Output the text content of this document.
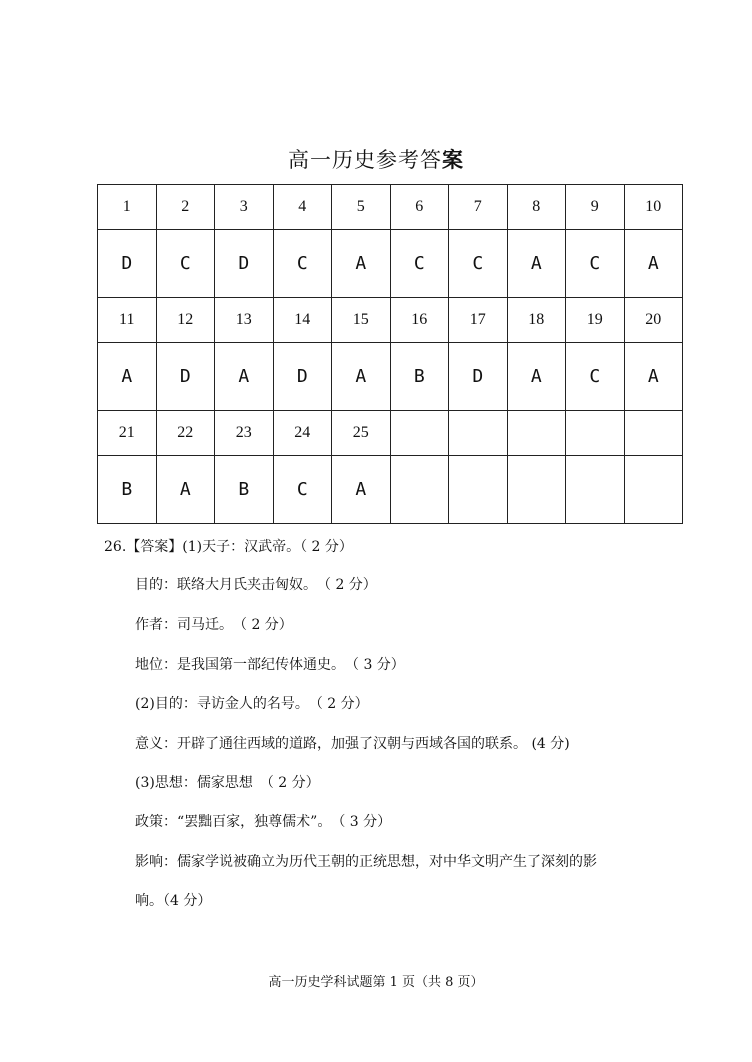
高一历史参考答案
1	2	3	4	5	6	7	8	9	10
D	C	D	C	A	C	C	A	C	A
11	12	13	14	15	16	17	18	19	20
A	D	A	D	A	B	D	A	C	A
21	22	23	24	25					
B	A	B	C	A					
26.【答案】(1)天子：汉武帝。（ 2 分）
目的：联络大月氏夹击匈奴。　（ 2 分）
作者：司马迁。　（ 2 分）
地位：是我国第一部纪传体通史。　（ 3 分）
(2)目的：寻访金人的名号。　（ 2 分）
意义：开辟了通往西域的道路，加强了汉朝与西域各国的联系。 (4 分)
(3)思想：儒家思想　（ 2 分）
政策：“罢黜百家，独尊儒术”。　（ 3 分）
影响：儒家学说被确立为历代王朝的正统思想，对中华文明产生了深刻的影
响。（4 分）
高一历史学科试题第 1 页（共 8 页）
